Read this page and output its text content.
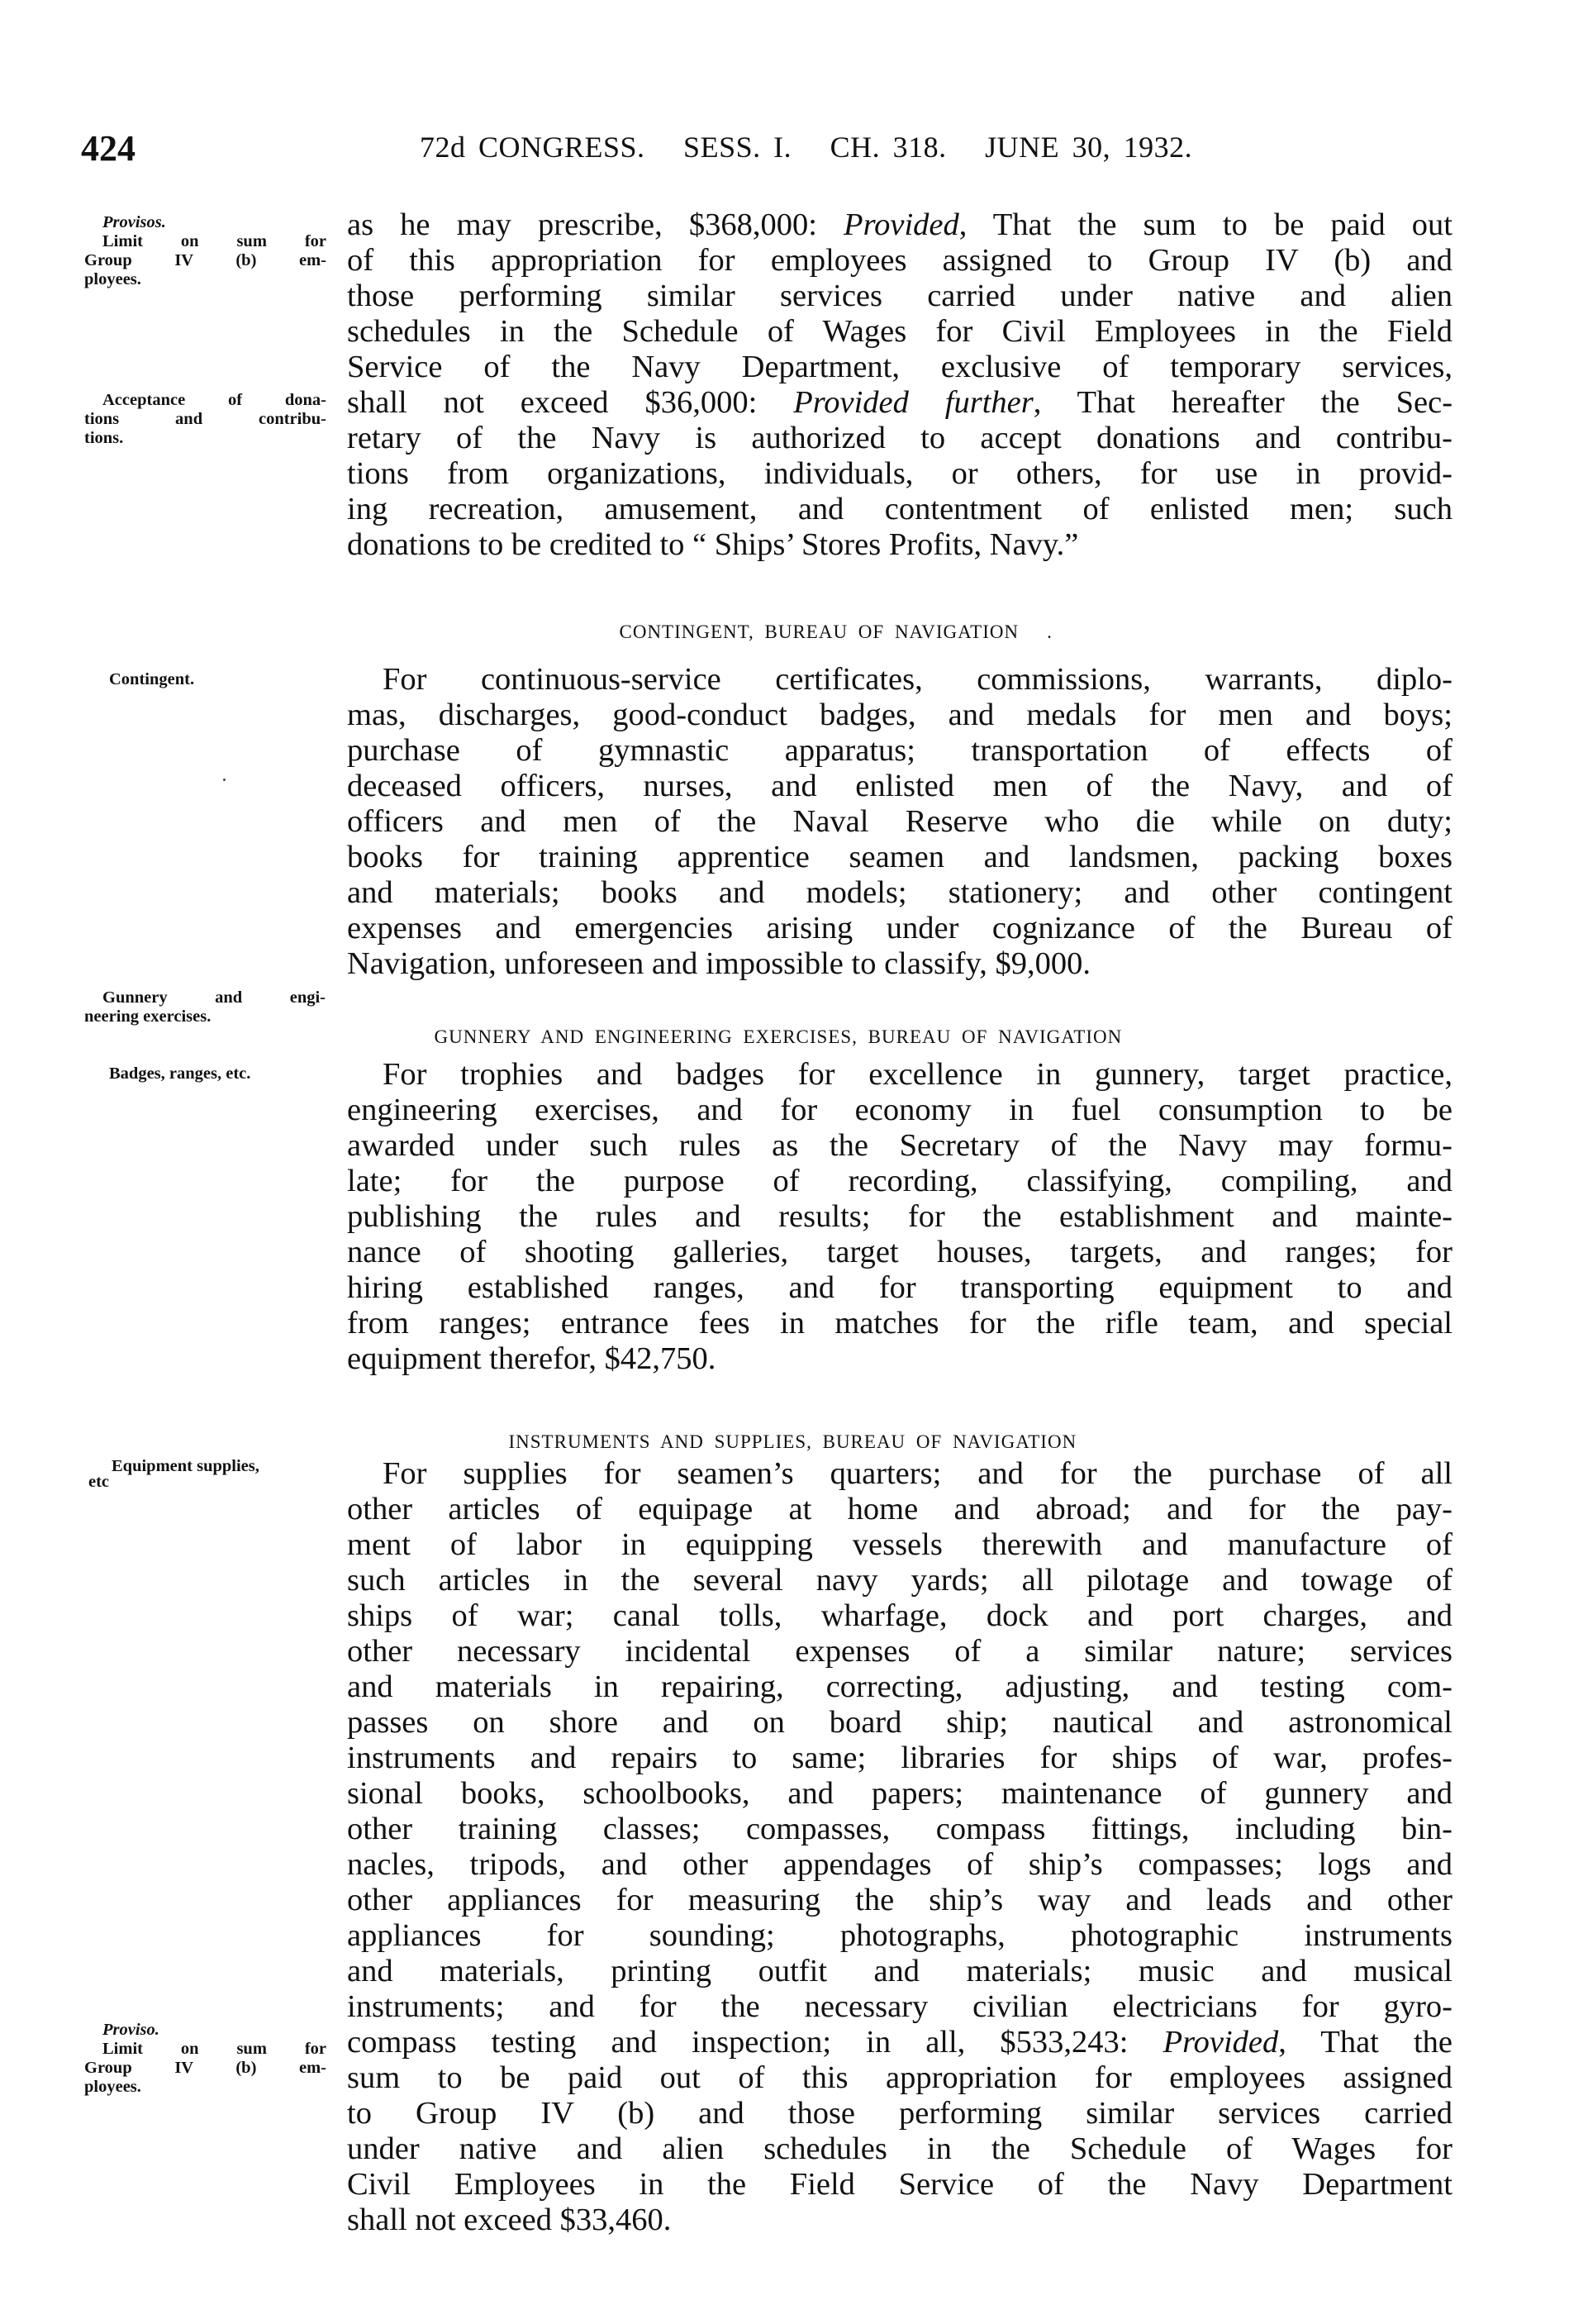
424	72d CONGRESS.   SESS. I.   CH. 318.   JUNE 30, 1932.
Provisos.
Limit on sum for
Group IV (b) em-
ployees.
as he may prescribe, $368,000: Provided, That the sum to be paid out
of this appropriation for employees assigned to Group IV (b) and
those performing similar services carried under native and alien
schedules in the Schedule of Wages for Civil Employees in the Field
Service of the Navy Department, exclusive of temporary services,
shall not exceed $36,000: Provided further, That hereafter the Sec-
retary of the Navy is authorized to accept donations and contribu-
tions from organizations, individuals, or others, for use in provid-
ing recreation, amusement, and contentment of enlisted men; such
donations to be credited to “ Ships’ Stores Profits, Navy.”
Acceptance of dona-
tions and contribu-
tions.

CONTINGENT, BUREAU OF NAVIGATION .

Contingent.	For continuous-service certificates, commissions, warrants, diplo-
mas, discharges, good-conduct badges, and medals for men and boys;
purchase of gymnastic apparatus; transportation of effects of
deceased officers, nurses, and enlisted men of the Navy, and of
officers and men of the Naval Reserve who die while on duty;
books for training apprentice seamen and landsmen, packing boxes
and materials; books and models; stationery; and other contingent
expenses and emergencies arising under cognizance of the Bureau of
Navigation, unforeseen and impossible to classify, $9,000.
Gunnery and engi-
neering exercises.

GUNNERY AND ENGINEERING EXERCISES, BUREAU OF NAVIGATION

Badges, ranges, etc.	For trophies and badges for excellence in gunnery, target practice,
engineering exercises, and for economy in fuel consumption to be
awarded under such rules as the Secretary of the Navy may formu-
late; for the purpose of recording, classifying, compiling, and
publishing the rules and results; for the establishment and mainte-
nance of shooting galleries, target houses, targets, and ranges; for
hiring established ranges, and for transporting equipment to and
from ranges; entrance fees in matches for the rifle team, and special
equipment therefor, $42,750.

INSTRUMENTS AND SUPPLIES, BUREAU OF NAVIGATION

Equipment supplies,
etc	For supplies for seamen’s quarters; and for the purchase of all
other articles of equipage at home and abroad; and for the pay-
ment of labor in equipping vessels therewith and manufacture of
such articles in the several navy yards; all pilotage and towage of
ships of war; canal tolls, wharfage, dock and port charges, and
other necessary incidental expenses of a similar nature; services
and materials in repairing, correcting, adjusting, and testing com-
passes on shore and on board ship; nautical and astronomical
instruments and repairs to same; libraries for ships of war, profes-
sional books, schoolbooks, and papers; maintenance of gunnery and
other training classes; compasses, compass fittings, including bin-
nacles, tripods, and other appendages of ship’s compasses; logs and
other appliances for measuring the ship’s way and leads and other
appliances for sounding; photographs, photographic instruments
and materials, printing outfit and materials; music and musical
instruments; and for the necessary civilian electricians for gyro-
compass testing and inspection; in all, $533,243: Provided, That the
sum to be paid out of this appropriation for employees assigned
to Group IV (b) and those performing similar services carried
under native and alien schedules in the Schedule of Wages for
Civil Employees in the Field Service of the Navy Department
shall not exceed $33,460.
Proviso.
Limit on sum for
Group IV (b) em-
ployees.
